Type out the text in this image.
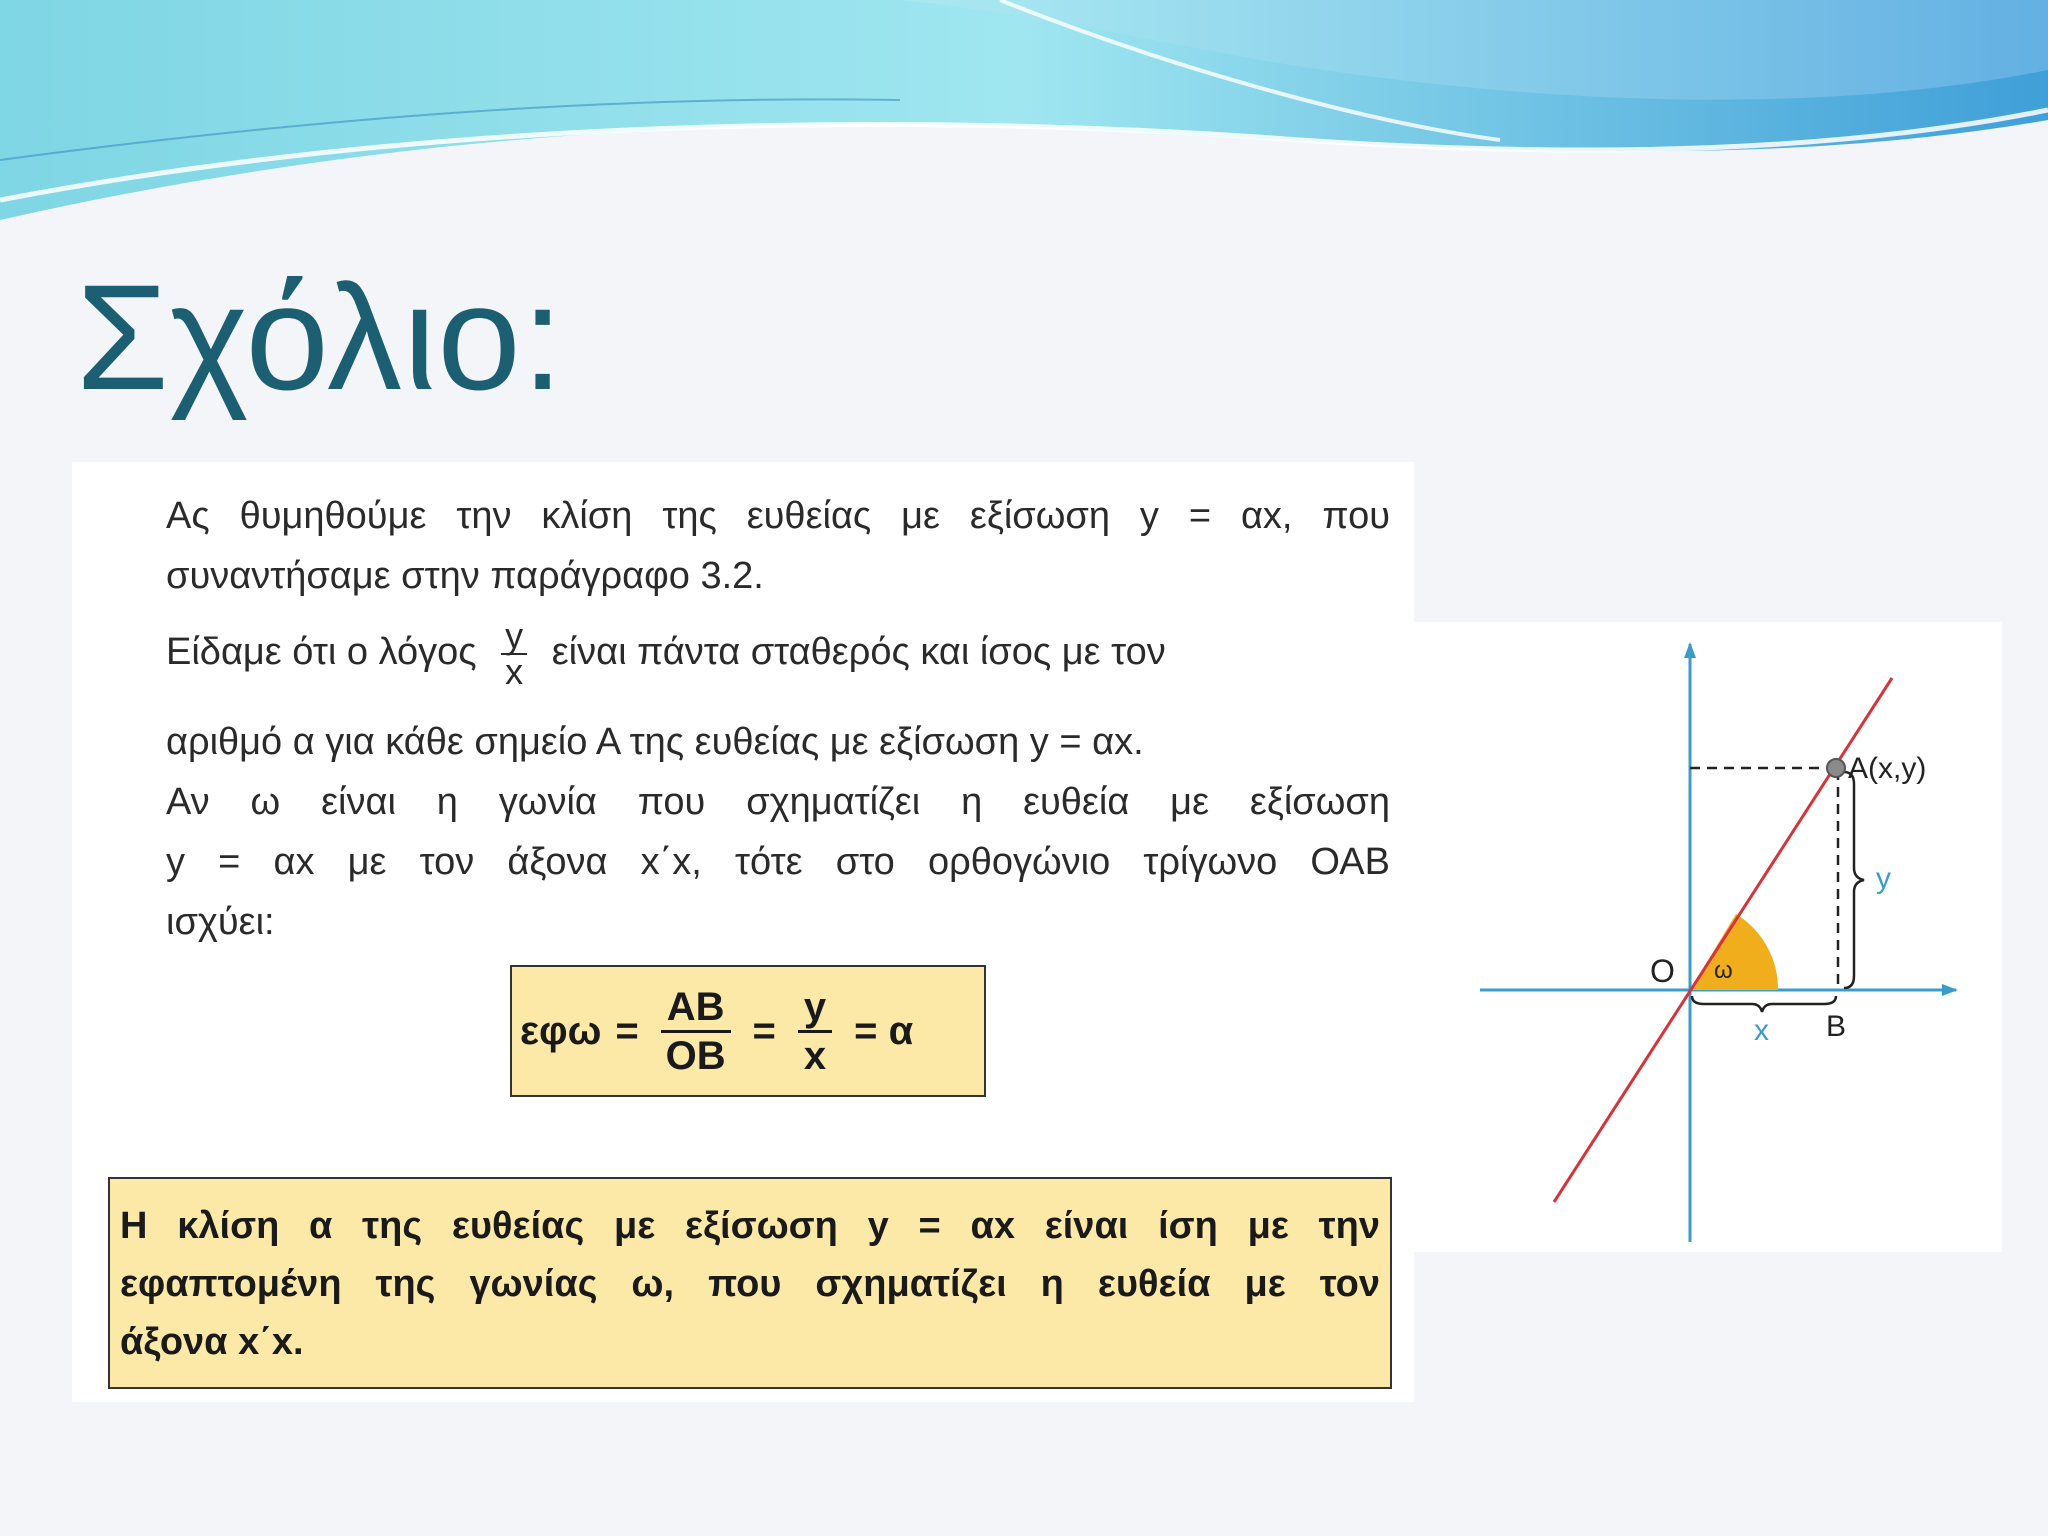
Σχόλιο:
Ας θυμηθούμε την κλίση της ευθείας με εξίσωση y = αx, που
συναντήσαμε στην παράγραφο 3.2.
Είδαμε ότι ο λόγος $\frac{y}{x}$ είναι πάντα σταθερός και ίσος με τον
αριθμό α για κάθε σημείο Α της ευθείας με εξίσωση y = αx.
Αν ω είναι η γωνία που σχηματίζει η ευθεία με εξίσωση
y = αx με τον άξονα x΄x, τότε στο ορθογώνιο τρίγωνο ΟΑΒ
ισχύει:
$\varepsilon\varphi\omega = \frac{AB}{OB} = \frac{y}{x} = \alpha$
Η κλίση α της ευθείας με εξίσωση y = αx είναι ίση με την
εφαπτομένη της γωνίας ω, που σχηματίζει η ευθεία με τον
άξονα x΄x.
O
A(x,y)
B
x
y
ω
